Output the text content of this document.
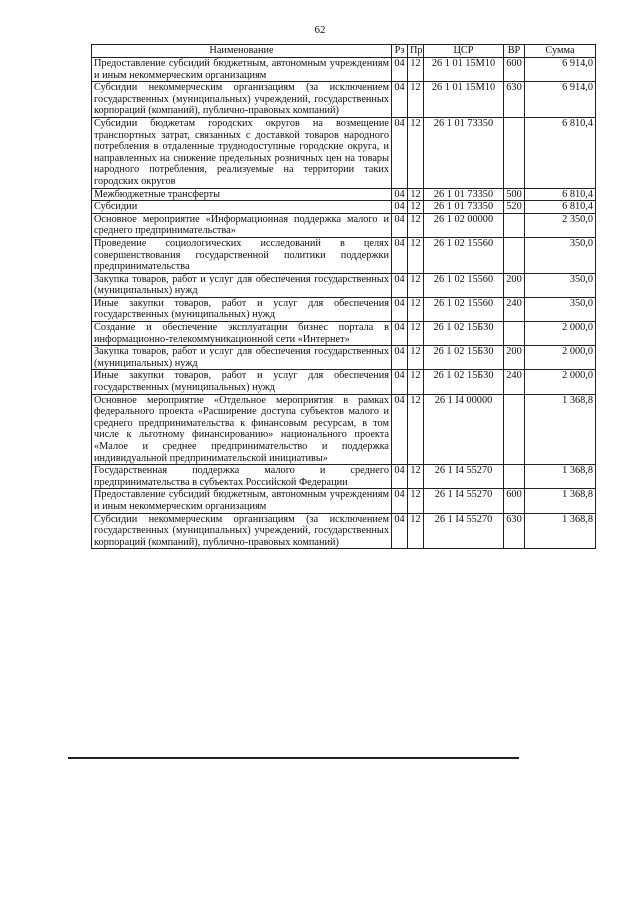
62
Наименование	Рз	Пр	ЦСР	ВР	Сумма
Предоставление субсидий бюджетным, автономным учреждениям и иным некоммерческим организациям	04	12	26 1 01 15М10	600	6 914,0
Субсидии некоммерческим организациям (за исключением государственных (муниципальных) учреждений, государственных корпораций (компаний), публично-правовых компаний)	04	12	26 1 01 15М10	630	6 914,0
Субсидии бюджетам городских округов на возмещение транспортных затрат, связанных с доставкой товаров народного потребления в отдаленные труднодоступные городские округа, и направленных на снижение предельных розничных цен на товары народного потребления, реализуемые на территории таких городских округов	04	12	26 1 01 73350		6 810,4
Межбюджетные трансферты	04	12	26 1 01 73350	500	6 810,4
Субсидии	04	12	26 1 01 73350	520	6 810,4
Основное мероприятие «Информационная поддержка малого и среднего предпринимательства»	04	12	26 1 02 00000		2 350,0
Проведение социологических исследований в целях совершенствования государственной политики поддержки предпринимательства	04	12	26 1 02 15560		350,0
Закупка товаров, работ и услуг для обеспечения государственных (муниципальных) нужд	04	12	26 1 02 15560	200	350,0
Иные закупки товаров, работ и услуг для обеспечения государственных (муниципальных) нужд	04	12	26 1 02 15560	240	350,0
Создание и обеспечение эксплуатации бизнес портала в информационно-телекоммуникационной сети «Интернет»	04	12	26 1 02 15Б30		2 000,0
Закупка товаров, работ и услуг для обеспечения государственных (муниципальных) нужд	04	12	26 1 02 15Б30	200	2 000,0
Иные закупки товаров, работ и услуг для обеспечения государственных (муниципальных) нужд	04	12	26 1 02 15Б30	240	2 000,0
Основное мероприятие «Отдельное мероприятия в рамках федерального проекта «Расширение доступа субъектов малого и среднего предпринимательства к финансовым ресурсам, в том числе к льготному финансированию» национального проекта «Малое и среднее предпринимательство и поддержка индивидуальной предпринимательской инициативы»	04	12	26 1 I4 00000		1 368,8
Государственная поддержка малого и среднего предпринимательства в субъектах Российской Федерации	04	12	26 1 I4 55270		1 368,8
Предоставление субсидий бюджетным, автономным учреждениям и иным некоммерческим организациям	04	12	26 1 I4 55270	600	1 368,8
Субсидии некоммерческим организациям (за исключением государственных (муниципальных) учреждений, государственных корпораций (компаний), публично-правовых компаний)	04	12	26 1 I4 55270	630	1 368,8
